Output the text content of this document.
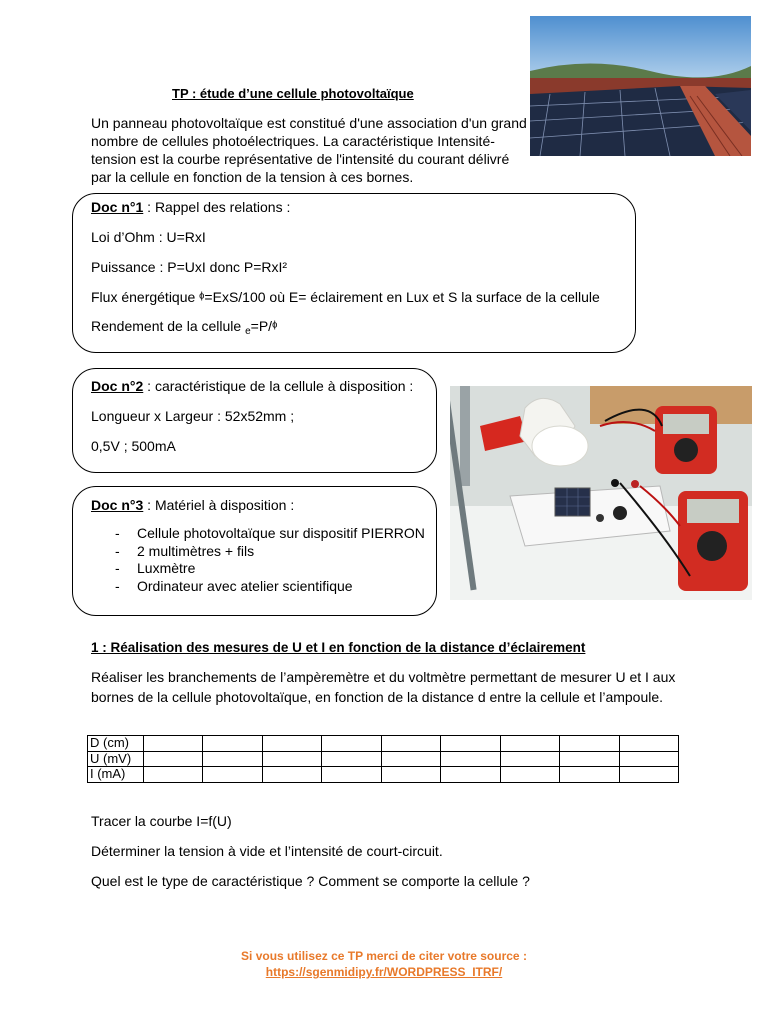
TP : étude d’une cellule photovoltaïque
Un panneau photovoltaïque est constitué d'une association d'un grand nombre de cellules photoélectriques. La caractéristique Intensité-tension est la courbe représentative de l'intensité du courant délivré par la cellule en fonction de la tension à ces bornes.
Doc n°1 : Rappel des relations :
Loi d’Ohm : U=RxI
Puissance : P=UxI donc P=RxI²
Flux énergétique ᶲ=ExS/100 où E= éclairement en Lux et S la surface de la cellule
Rendement de la cellule $_e$=P/ᶲ
Doc n°2 : caractéristique de la cellule à disposition :
Longueur x Largeur : 52x52mm ;
0,5V ; 500mA
Doc n°3 : Matériel à disposition :
- Cellule photovoltaïque sur dispositif PIERRON
- 2 multimètres + fils
- Luxmètre
- Ordinateur avec atelier scientifique
1 : Réalisation des mesures de U et I en fonction de la distance d’éclairement
Réaliser les branchements de l’ampèremètre et du voltmètre permettant de mesurer U et I aux bornes de la cellule photovoltaïque, en fonction de la distance d entre la cellule et l’ampoule.
D (cm)									
U (mV)									
I (mA)									
Tracer la courbe I=f(U)
Déterminer la tension à vide et l’intensité de court-circuit.
Quel est le type de caractéristique ? Comment se comporte la cellule ?
Si vous utilisez ce TP merci de citer votre source :
https://sgenmidipy.fr/WORDPRESS_ITRF/
